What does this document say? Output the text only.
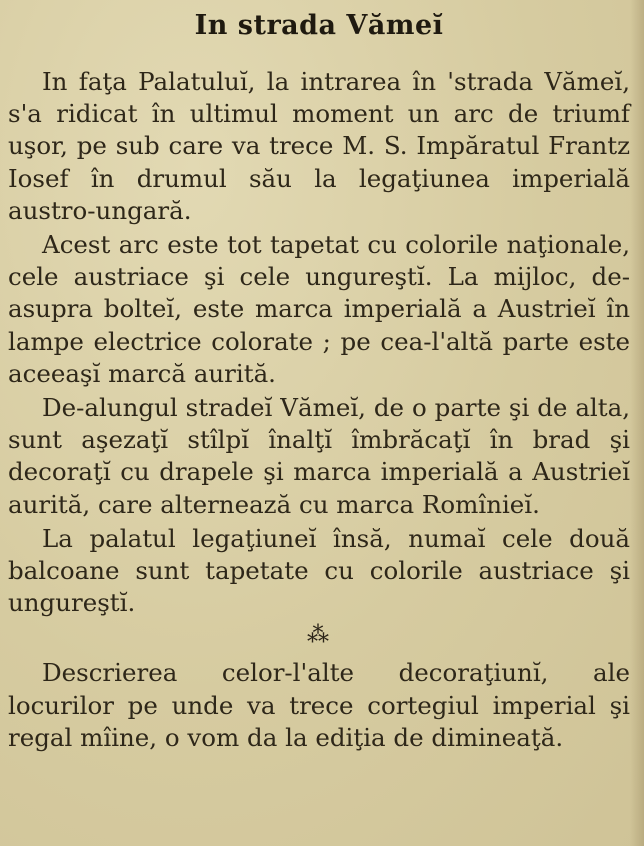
In strada Vămeĭ

In faţa Palatuluĭ, la intrarea în 'strada Vămeĭ, s'a ridicat în ultimul moment un arc de triumf uşor, pe sub care va trece M. S. Impăratul Frantz Iosef în drumul său la legaţiunea imperială austro-ungară.

Acest arc este tot tapetat cu colorile naţionale, cele austriace şi cele ungureştĭ. La mijloc, de-asupra bolteĭ, este marca imperială a Austrieĭ în lampe electrice colorate ; pe cea-l'altă parte este aceeaşĭ marcă aurită.

De-alungul stradeĭ Vămeĭ, de o parte şi de alta, sunt aşezaţĭ stîlpĭ înalţĭ îmbrăcaţĭ în brad şi decoraţĭ cu drapele şi marca imperială a Austrieĭ aurită, care alternează cu marca Romînieĭ.

La palatul legaţiuneĭ însă, numaĭ cele două balcoane sunt tapetate cu colorile austriace şi ungureştĭ.

⁂

Descrierea celor-l'alte decoraţiunĭ, ale locurilor pe unde va trece cortegiul imperial şi regal mîine, o vom da la ediţia de dimineaţă.
